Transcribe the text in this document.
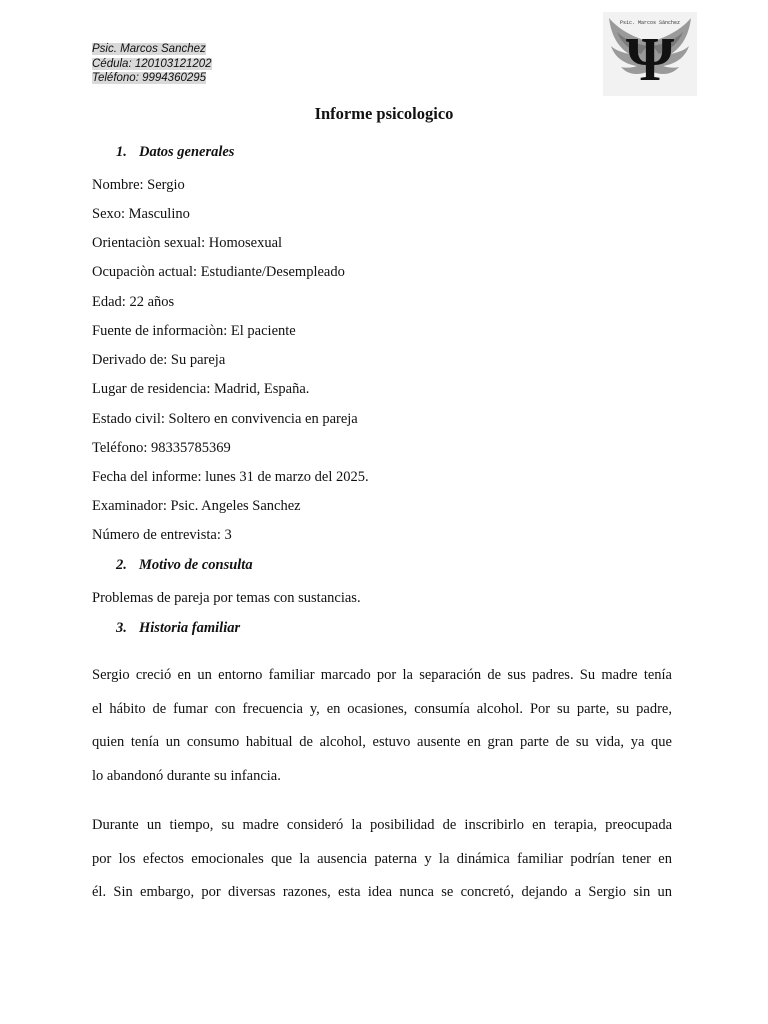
Psic. Marcos Sanchez
Cédula: 120103121202
Teléfono: 9994360295
Psic. Marcos Sánchez
Ψ
Informe psicologico
1. Datos generales
Nombre: Sergio
Sexo: Masculino
Orientaciòn sexual: Homosexual
Ocupaciòn actual: Estudiante/Desempleado
Edad: 22 años
Fuente de informaciòn: El paciente
Derivado de: Su pareja
Lugar de residencia: Madrid, España.
Estado civil: Soltero en convivencia en pareja
Teléfono: 98335785369
Fecha del informe: lunes 31 de marzo del 2025.
Examinador: Psic. Angeles Sanchez
Número de entrevista: 3
2. Motivo de consulta
Problemas de pareja por temas con sustancias.
3. Historia familiar
Sergio creció en un entorno familiar marcado por la separación de sus padres. Su madre tenía
el hábito de fumar con frecuencia y, en ocasiones, consumía alcohol. Por su parte, su padre,
quien tenía un consumo habitual de alcohol, estuvo ausente en gran parte de su vida, ya que
lo abandonó durante su infancia.
Durante un tiempo, su madre consideró la posibilidad de inscribirlo en terapia, preocupada
por los efectos emocionales que la ausencia paterna y la dinámica familiar podrían tener en
él. Sin embargo, por diversas razones, esta idea nunca se concretó, dejando a Sergio sin un
